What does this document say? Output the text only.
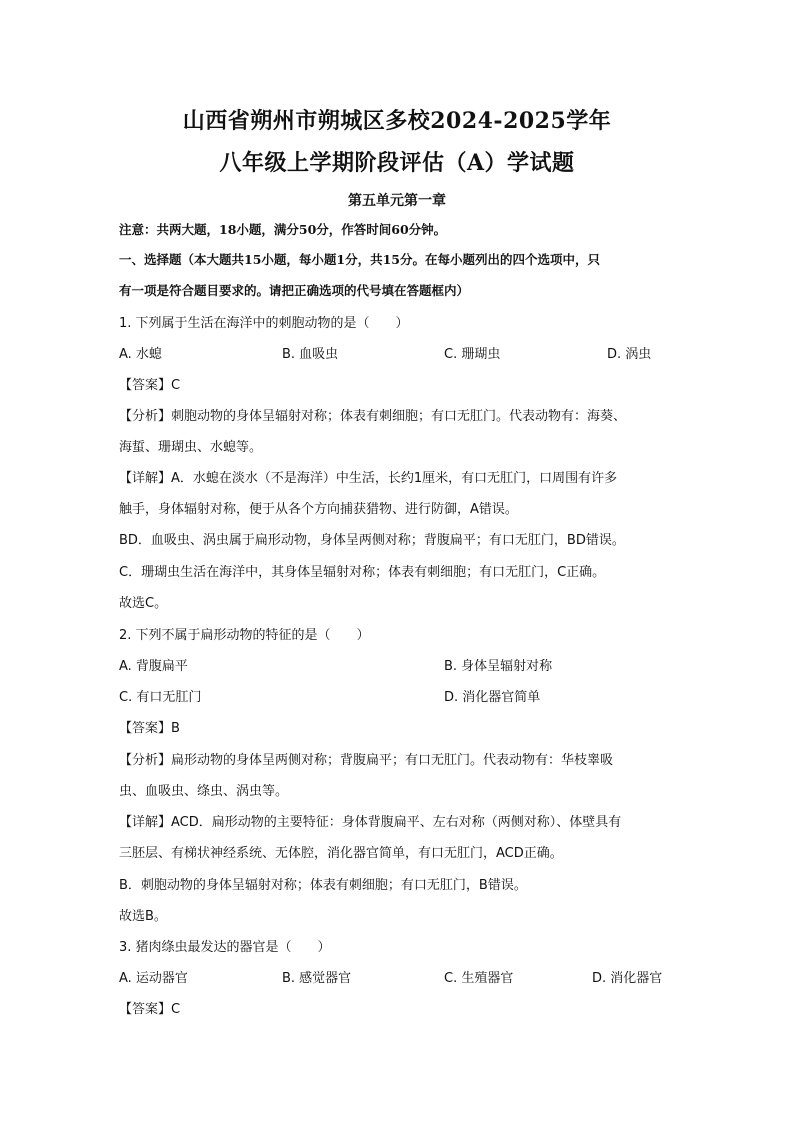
山西省朔州市朔城区多校2024-2025学年
八年级上学期阶段评估（A）学试题
第五单元第一章
注意：共两大题，18小题，满分50分，作答时间60分钟。
一、选择题（本大题共15小题，每小题1分，共15分。在每小题列出的四个选项中，只
有一项是符合题目要求的。请把正确选项的代号填在答题框内）
1. 下列属于生活在海洋中的刺胞动物的是（　　）
A. 水螅	B. 血吸虫	C. 珊瑚虫	D. 涡虫
【答案】C
【分析】刺胞动物的身体呈辐射对称；体表有刺细胞；有口无肛门。代表动物有：海葵、
海蜇、珊瑚虫、水螅等。
【详解】A．水螅在淡水（不是海洋）中生活，长约1厘米，有口无肛门，口周围有许多
触手，身体辐射对称，便于从各个方向捕获猎物、进行防御，A错误。
BD．血吸虫、涡虫属于扁形动物，身体呈两侧对称；背腹扁平；有口无肛门，BD错误。
C．珊瑚虫生活在海洋中，其身体呈辐射对称；体表有刺细胞；有口无肛门，C正确。
故选C。
2. 下列不属于扁形动物的特征的是（　　）
A. 背腹扁平	B. 身体呈辐射对称
C. 有口无肛门	D. 消化器官简单
【答案】B
【分析】扁形动物的身体呈两侧对称；背腹扁平；有口无肛门。代表动物有：华枝睾吸
虫、血吸虫、绦虫、涡虫等。
【详解】ACD．扁形动物的主要特征：身体背腹扁平、左右对称（两侧对称）、体壁具有
三胚层、有梯状神经系统、无体腔，消化器官简单，有口无肛门，ACD正确。
B．刺胞动物的身体呈辐射对称；体表有刺细胞；有口无肛门，B错误。
故选B。
3. 猪肉绦虫最发达的器官是（　　）
A. 运动器官	B. 感觉器官	C. 生殖器官	D. 消化器官
【答案】C
